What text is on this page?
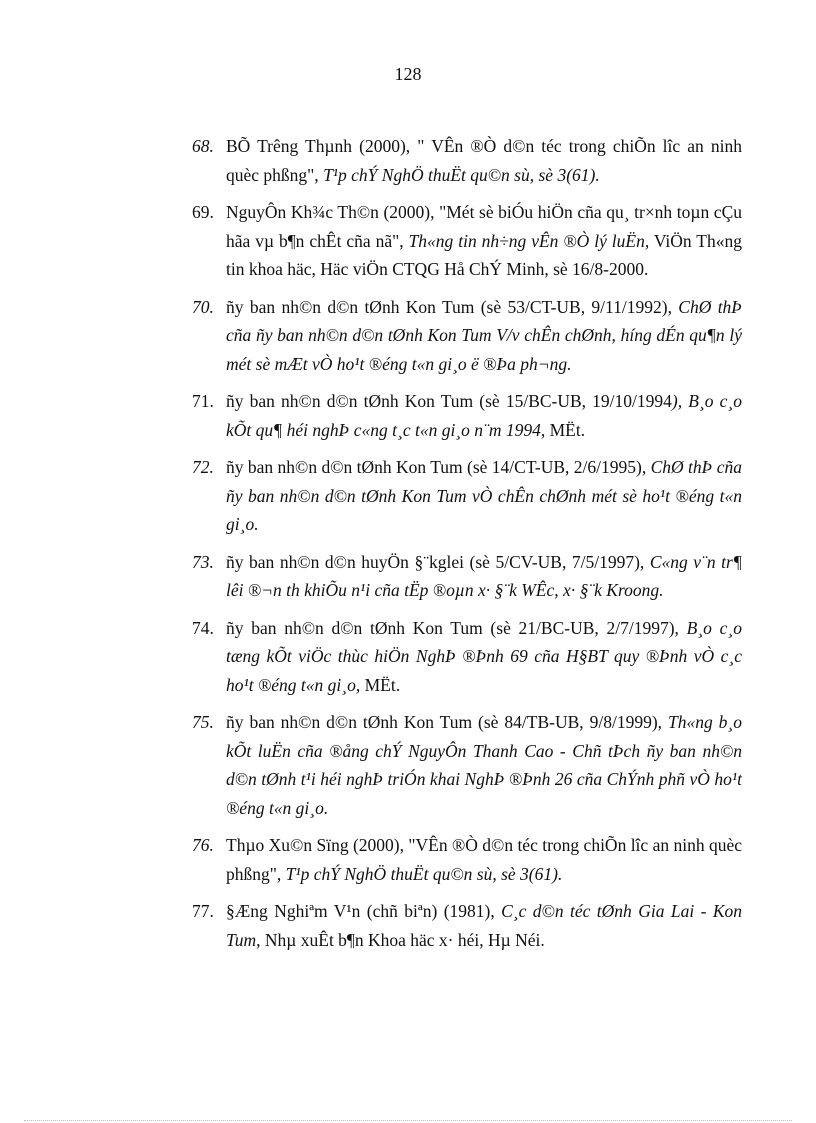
128
68. BÕ Trêng Thµnh (2000), " VÊn ®Ò d©n téc trong chiÕn lîc an ninh quèc phßng", T¹p chÝ NghÖ thuËt qu©n sù, sè 3(61).
69. NguyÔn Kh¾c Th©n (2000), "Mét sè biÓu hiÖn cña qu¸ tr×nh toµn cÇu hãa vµ b¶n chÊt cña nã", Th«ng tin nh÷ng vÊn ®Ò lý luËn, ViÖn Th«ng tin khoa häc, Häc viÖn CTQG Hå ChÝ Minh, sè 16/8-2000.
70. ñy ban nh©n d©n tØnh Kon Tum (sè 53/CT-UB, 9/11/1992), ChØ thÞ cña ñy ban nh©n d©n tØnh Kon Tum V/v chÊn chØnh, híng dÉn qu¶n lý mét sè mÆt vÒ ho¹t ®éng t«n gi¸o ë ®Þa ph¬ng.
71. ñy ban nh©n d©n tØnh Kon Tum (sè 15/BC-UB, 19/10/1994), B¸o c¸o kÕt qu¶ héi nghÞ c«ng t¸c t«n gi¸o n¨m 1994, MËt.
72. ñy ban nh©n d©n tØnh Kon Tum (sè 14/CT-UB, 2/6/1995), ChØ thÞ cña ñy ban nh©n d©n tØnh Kon Tum vÒ chÊn chØnh mét sè ho¹t ®éng t«n gi¸o.
73. ñy ban nh©n d©n huyÖn §¨kglei (sè 5/CV-UB, 7/5/1997), C«ng v¨n tr¶ lêi ®¬n th khiÕu n¹i cña tËp ®oµn x· §¨k WÊc, x· §¨k Kroong.
74. ñy ban nh©n d©n tØnh Kon Tum (sè 21/BC-UB, 2/7/1997), B¸o c¸o tæng kÕt viÖc thùc hiÖn NghÞ ®Þnh 69 cña H§BT quy ®Þnh vÒ c¸c ho¹t ®éng t«n gi¸o, MËt.
75. ñy ban nh©n d©n tØnh Kon Tum (sè 84/TB-UB, 9/8/1999), Th«ng b¸o kÕt luËn cña ®ång chÝ NguyÔn Thanh Cao - Chñ tÞch ñy ban nh©n d©n tØnh t¹i héi nghÞ triÓn khai NghÞ ®Þnh 26 cña ChÝnh phñ vÒ ho¹t ®éng t«n gi¸o.
76. Thµo Xu©n Sïng (2000), "VÊn ®Ò d©n téc trong chiÕn lîc an ninh quèc phßng", T¹p chÝ NghÖ thuËt qu©n sù, sè 3(61).
77. §Æng Nghiªm V¹n (chñ biªn) (1981), C¸c d©n téc tØnh Gia Lai - Kon Tum, Nhµ xuÊt b¶n Khoa häc x· héi, Hµ Néi.
